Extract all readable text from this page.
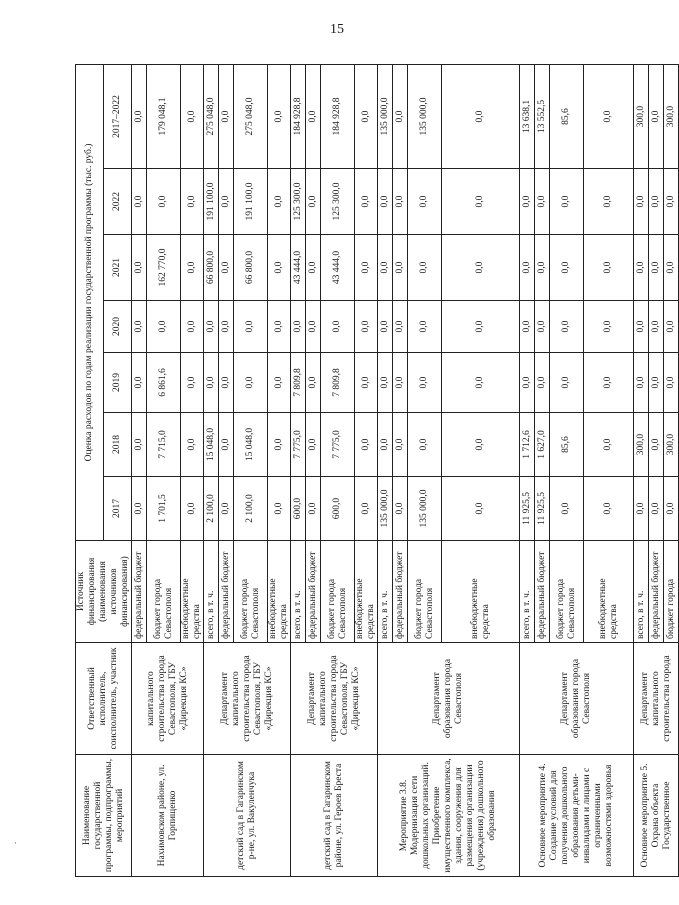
15
Наименование государственной программы, подпрограммы, мероприятий	Ответственный исполнитель, соисполнитель, участник	Источник финансирования (наименования источников финансирования)	Оценка расходов по годам реализации государственной программы (тыс. руб.)						
			2017	2018	2019	2020	2021	2022	2017–2022
Нахимовском районе, ул. Горпищенко	капитального строительства города Севастополя, ГБУ «Дирекция КС»	федеральный бюджет	0,0	0,0	0,0	0,0	0,0	0,0	0,0
		бюджет города Севастополя	1 701,5	7 715,0	6 861,6	0,0	162 770,0	0,0	179 048,1
		внебюджетные средства	0,0	0,0	0,0	0,0	0,0	0,0	0,0
детский сад в Гагаринском р-не, ул. Вакуленчука	Департамент капитального строительства города Севастополя, ГБУ «Дирекция КС»	всего, в т. ч.	2 100,0	15 048,0	0,0	0,0	66 800,0	191 100,0	275 048,0
		федеральный бюджет	0,0	0,0	0,0	0,0	0,0	0,0	0,0
		бюджет города Севастополя	2 100,0	15 048,0	0,0	0,0	66 800,0	191 100,0	275 048,0
		внебюджетные средства	0,0	0,0	0,0	0,0	0,0	0,0	0,0
детский сад в Гагаринском районе, ул. Героев Бреста	Департамент капитального строительства города Севастополя, ГБУ «Дирекция КС»	всего, в т. ч.	600,0	7 775,0	7 809,8	0,0	43 444,0	125 300,0	184 928,8
		федеральный бюджет	0,0	0,0	0,0	0,0	0,0	0,0	0,0
		бюджет города Севастополя	600,0	7 775,0	7 809,8	0,0	43 444,0	125 300,0	184 928,8
		внебюджетные средства	0,0	0,0	0,0	0,0	0,0	0,0	0,0
Мероприятие 3.8. Модернизация сети дошкольных организаций. Приобретение имущественного комплекса, здания, сооружения для размещения организации (учреждения) дошкольного образования	Департамент образования города Севастополя	всего, в т. ч.	135 000,0	0,0	0,0	0,0	0,0	0,0	135 000,0
		федеральный бюджет	0,0	0,0	0,0	0,0	0,0	0,0	0,0
		бюджет города Севастополя	135 000,0	0,0	0,0	0,0	0,0	0,0	135 000,0
		внебюджетные средства	0,0	0,0	0,0	0,0	0,0	0,0	0,0
Основное мероприятие 4. Создание условий для получения дошкольного образования детьми-инвалидами и лицами с ограниченными возможностями здоровья	Департамент образования города Севастополя	всего, в т. ч.	11 925,5	1 712,6	0,0	0,0	0,0	0,0	13 638,1
		федеральный бюджет	11 925,5	1 627,0	0,0	0,0	0,0	0,0	13 552,5
		бюджет города Севастополя	0,0	85,6	0,0	0,0	0,0	0,0	85,6
		внебюджетные средства	0,0	0,0	0,0	0,0	0,0	0,0	0,0
Основное мероприятие 5. Охрана объекта Государственное	Департамент капитального строительства города	всего, в т. ч.	0,0	300,0	0,0	0,0	0,0	0,0	300,0
		федеральный бюджет	0,0	0,0	0,0	0,0	0,0	0,0	0,0
		бюджет города	0,0	300,0	0,0	0,0	0,0	0,0	300,0
·
